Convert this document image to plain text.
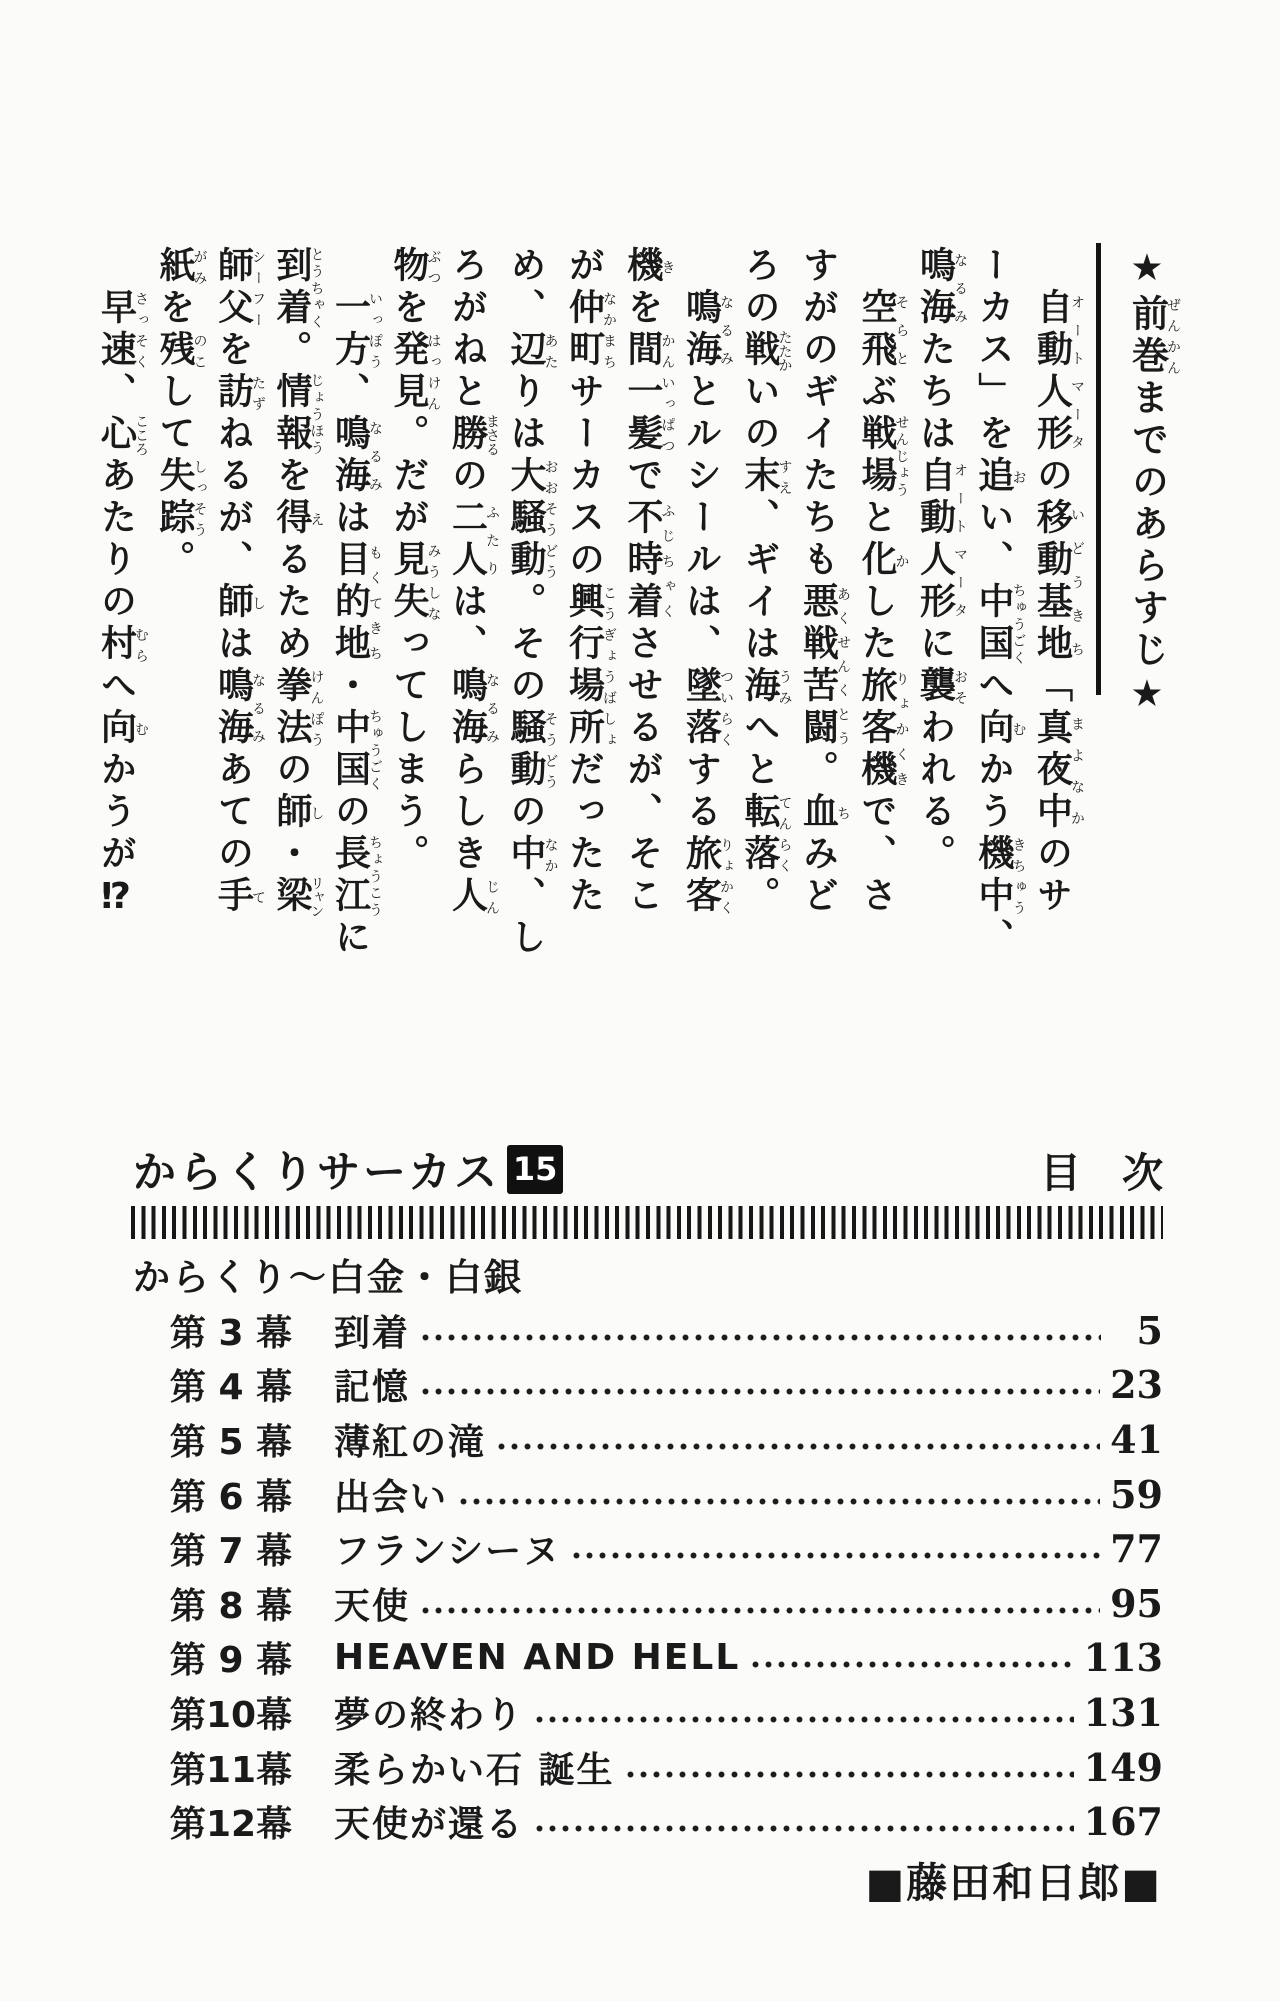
★前巻ぜんかんまでのあらすじ★

自動人形オートマータの移動基地いどうきち「真夜中まよなかのサ

ーカス」を追おい、中国ちゅうごくへ向むかう機中きちゅう、

鳴海なるみたちは自動人形オートマータに襲おそわれる。

空飛そらとぶ戦場せんじょうと化かした旅客機りょかくきで、さ

すがのギイたちも悪戦苦闘あくせんくとう。血ちみど

ろの戦たたかいの末すえ、ギイは海うみへと転落てんらく。

鳴海なるみとルシールは、墜落ついらくする旅客りょかく

機きを間一髪かんいっぱつで不時着ふじちゃくさせるが、そこ

が仲町なかまちサーカスの興行場所こうぎょうばしょだったた

め、辺あたりは大騒動おおそうどう。その騒動そうどうの中なか、し

ろがねと勝まさるの二人ふたりは、鳴海なるみらしき人じん

物ぶつを発見はっけん。だが見失みうしなってしまう。

一方いっぽう、鳴海なるみは目的地もくてきち・中国ちゅうごくの長江ちょうこうに

到着とうちゃく。情報じょうほうを得えるため拳法けんぽうの師し・梁リャン

師父シーフーを訪たずねるが、師しは鳴海なるみあての手て

紙がみを残のこして失踪しっそう。

早速さっそく、心こころあたりの村むらへ向むかうが⁉

からくりサーカス 15	目　次
からくり～白金・白銀
第 3 幕	到着	5
第 4 幕	記憶	23
第 5 幕	薄紅の滝	41
第 6 幕	出会い	59
第 7 幕	フランシーヌ	77
第 8 幕	天使	95
第 9 幕	HEAVEN AND HELL	113
第10幕	夢の終わり	131
第11幕	柔らかい石 誕生	149
第12幕	天使が還る	167
■藤田和日郎■
